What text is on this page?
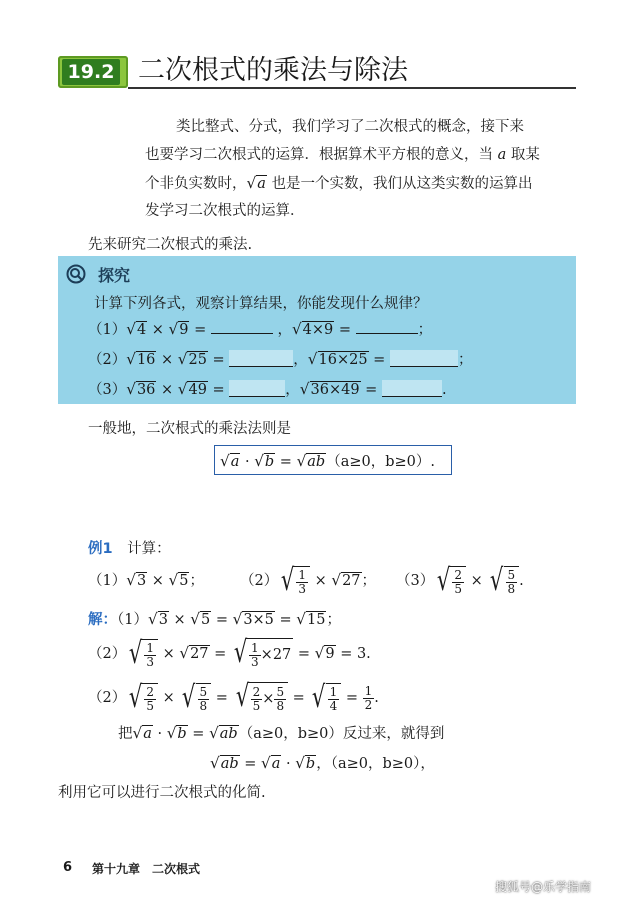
19.2 二次根式的乘法与除法
类比整式、分式，我们学习了二次根式的概念，接下来
也要学习二次根式的运算．根据算术平方根的意义，当 a 取某
个非负实数时，√a 也是一个实数，我们从这类实数的运算出
发学习二次根式的运算．
先来研究二次根式的乘法.
探究
计算下列各式，观察计算结果，你能发现什么规律？
（1）√4 × √9 =	，√4×9 =	；
（2）√16 × √25 =	，√16×25 =	；
（3）√36 × √49 =	，√36×49 =	.
一般地，二次根式的乘法法则是
√a · √b = √ab（a≥0，b≥0）.
例1　 计算：
（1）√3 × √5； （2） √ $\frac{1}{3} \times √27$； （3） √ $\frac{2}{5}$ × √ $\frac{5}{8}$ .
解：（1）√3 × √5 = √3×5 = √15；
（2） √ $\frac{1}{3} \times √27$ = √ $\frac{1}{3} \times 27 = √9 = 3$.
（2） √ $\frac{2}{5}$ × √ $\frac{5}{8}$ = √ $\frac{2}{5} \times \frac{5}{8}$ = √ $\frac{1}{4} = \frac{1}{2}$ .
把√a · √b = √ab（a≥0，b≥0）反过来，就得到
√ab = √a · √b，（a≥0，b≥0），
利用它可以进行二次根式的化简.
6 第十九章　二次根式
搜狐号@乐学指南
